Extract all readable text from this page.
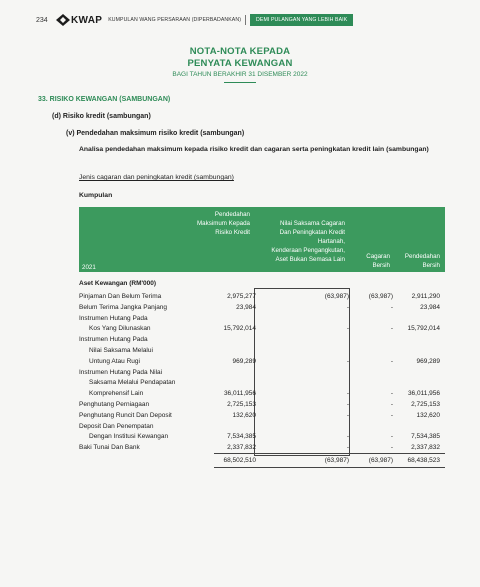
234	KWAP KUMPULAN WANG PERSARAAN (DIPERBADANKAN)	DEMI PULANGAN YANG LEBIH BAIK
NOTA-NOTA KEPADA
PENYATA KEWANGAN
BAGI TAHUN BERAKHIR 31 DISEMBER 2022
33. RISIKO KEWANGAN (SAMBUNGAN)
(d) Risiko kredit (sambungan)
(v) Pendedahan maksimum risiko kredit (sambungan)
Analisa pendedahan maksimum kepada risiko kredit dan cagaran serta peningkatan kredit lain (sambungan)
Jenis cagaran dan peningkatan kredit (sambungan)
Kumpulan
Pendedahan
Maksimum Kepada
Risiko Kredit
Nilai Saksama Cagaran
Dan Peningkatan Kredit
Hartanah,
Kenderaan Pengangkutan,
Aset Bukan Semasa Lain	Cagaran
Bersih
Pendedahan
Bersih
2021
Aset Kewangan (RM'000)
Pinjaman Dan Belum Terima	2,975,277	(63,987)	(63,987)	2,911,290
Belum Terima Jangka Panjang	23,984	-	-	23,984
Instrumen Hutang Pada
Kos Yang Dilunaskan	15,792,014	-	- 15,792,014
Instrumen Hutang Pada
Nilai Saksama Melalui
Untung Atau Rugi	969,289	-	-	969,289
Instrumen Hutang Pada Nilai
Saksama Melalui Pendapatan
Komprehensif Lain	36,011,956	-	- 36,011,956
Penghutang Perniagaan	2,725,153	-	-	2,725,153
Penghutang Runcit Dan Deposit	132,620	-	-	132,620
Deposit Dan Penempatan
Dengan Institusi Kewangan	7,534,385	-	-	7,534,385
Baki Tunai Dan Bank	2,337,832	-	-	2,337,832
68,502,510	(63,987)	(63,987) 68,438,523
